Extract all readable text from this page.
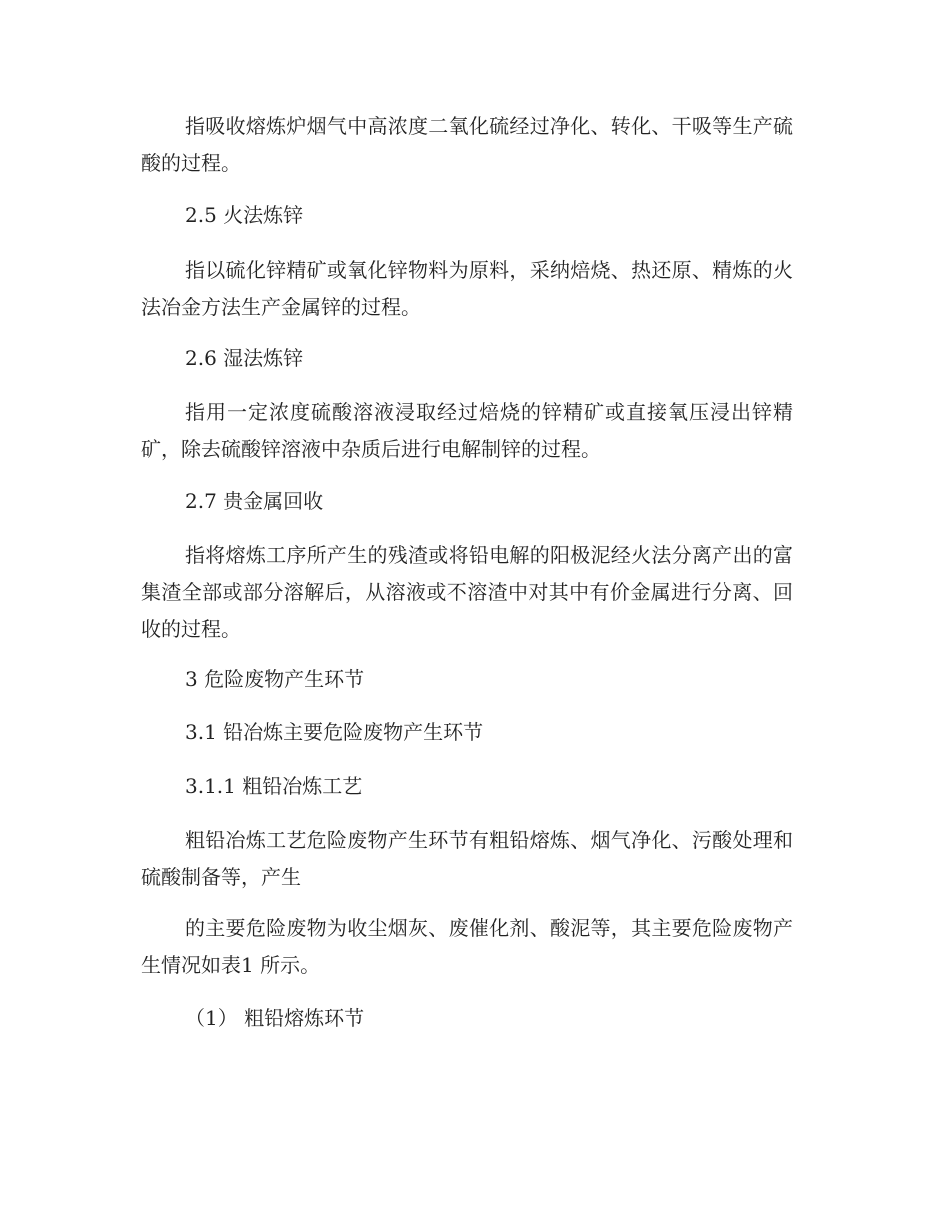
指吸收熔炼炉烟气中高浓度二氧化硫经过净化、转化、干吸等生产硫酸的过程。

2.5 火法炼锌

指以硫化锌精矿或氧化锌物料为原料，采纳焙烧、热还原、精炼的火法冶金方法生产金属锌的过程。

2.6 湿法炼锌

指用一定浓度硫酸溶液浸取经过焙烧的锌精矿或直接氧压浸出锌精矿，除去硫酸锌溶液中杂质后进行电解制锌的过程。

2.7 贵金属回收

指将熔炼工序所产生的残渣或将铅电解的阳极泥经火法分离产出的富集渣全部或部分溶解后，从溶液或不溶渣中对其中有价金属进行分离、回收的过程。

3 危险废物产生环节

3.1 铅冶炼主要危险废物产生环节

3.1.1 粗铅冶炼工艺

粗铅冶炼工艺危险废物产生环节有粗铅熔炼、烟气净化、污酸处理和硫酸制备等，产生

的主要危险废物为收尘烟灰、废催化剂、酸泥等，其主要危险废物产生情况如表1 所示。

（1） 粗铅熔炼环节
